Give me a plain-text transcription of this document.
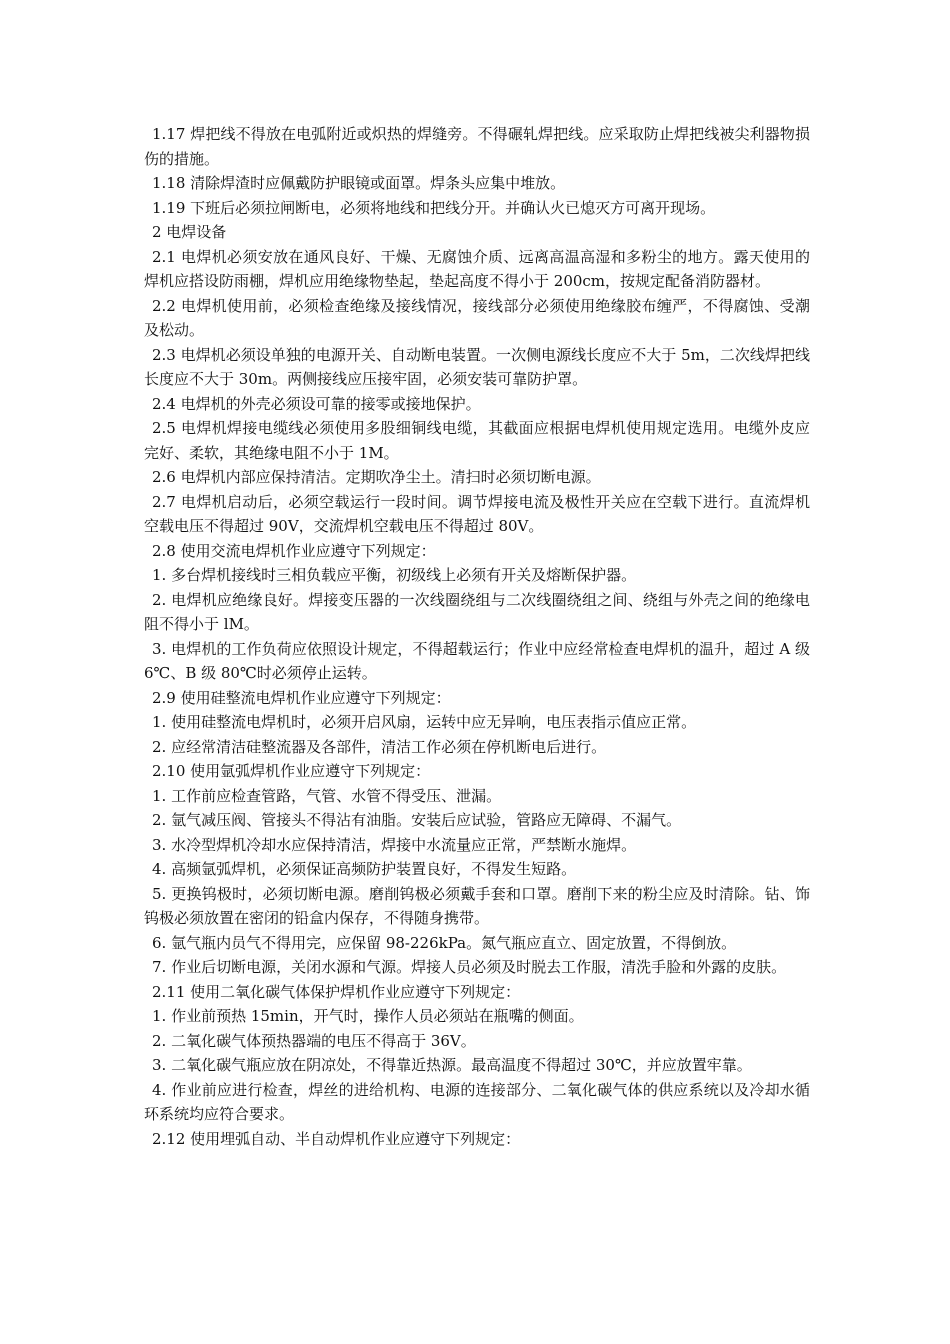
1.17 焊把线不得放在电弧附近或炽热的焊缝旁。不得碾轧焊把线。应采取防止焊把线被尖利器物损伤的措施。

1.18 清除焊渣时应佩戴防护眼镜或面罩。焊条头应集中堆放。

1.19 下班后必须拉闸断电，必须将地线和把线分开。并确认火已熄灭方可离开现场。

2 电焊设备

2.1 电焊机必须安放在通风良好、干燥、无腐蚀介质、远离高温高湿和多粉尘的地方。露天使用的焊机应搭设防雨棚，焊机应用绝缘物垫起，垫起高度不得小于 200cm，按规定配备消防器材。

2.2 电焊机使用前，必须检查绝缘及接线情况，接线部分必须使用绝缘胶布缠严，不得腐蚀、受潮及松动。

2.3 电焊机必须设单独的电源开关、自动断电装置。一次侧电源线长度应不大于 5m，二次线焊把线长度应不大于 30m。两侧接线应压接牢固，必须安装可靠防护罩。

2.4 电焊机的外壳必须设可靠的接零或接地保护。

2.5 电焊机焊接电缆线必须使用多股细铜线电缆，其截面应根据电焊机使用规定选用。电缆外皮应完好、柔软，其绝缘电阻不小于 1M。

2.6 电焊机内部应保持清洁。定期吹净尘土。清扫时必须切断电源。

2.7 电焊机启动后，必须空载运行一段时间。调节焊接电流及极性开关应在空载下进行。直流焊机空载电压不得超过 90V，交流焊机空载电压不得超过 80V。

2.8 使用交流电焊机作业应遵守下列规定：

1. 多台焊机接线时三相负载应平衡，初级线上必须有开关及熔断保护器。

2. 电焊机应绝缘良好。焊接变压器的一次线圈绕组与二次线圈绕组之间、绕组与外壳之间的绝缘电阻不得小于 lM。

3. 电焊机的工作负荷应依照设计规定，不得超载运行；作业中应经常检查电焊机的温升，超过 A 级 6℃、B 级 80℃时必须停止运转。

2.9 使用硅整流电焊机作业应遵守下列规定：

1. 使用硅整流电焊机时，必须开启风扇，运转中应无异响，电压表指示值应正常。

2. 应经常清洁硅整流器及各部件，清洁工作必须在停机断电后进行。

2.10 使用氩弧焊机作业应遵守下列规定：

1. 工作前应检查管路，气管、水管不得受压、泄漏。

2. 氩气减压阀、管接头不得沾有油脂。安装后应试验，管路应无障碍、不漏气。

3. 水冷型焊机冷却水应保持清洁，焊接中水流量应正常，严禁断水施焊。

4. 高频氩弧焊机，必须保证高频防护装置良好，不得发生短路。

5. 更换钨极时，必须切断电源。磨削钨极必须戴手套和口罩。磨削下来的粉尘应及时清除。钻、饰钨极必须放置在密闭的铅盒内保存，不得随身携带。

6. 氩气瓶内员气不得用完，应保留 98-226kPa。氮气瓶应直立、固定放置，不得倒放。

7. 作业后切断电源，关闭水源和气源。焊接人员必须及时脱去工作服，清洗手脸和外露的皮肤。

2.11 使用二氧化碳气体保护焊机作业应遵守下列规定：

1. 作业前预热 15min，开气时，操作人员必须站在瓶嘴的侧面。

2. 二氧化碳气体预热器端的电压不得高于 36V。

3. 二氧化碳气瓶应放在阴凉处，不得靠近热源。最高温度不得超过 30℃，并应放置牢靠。

4. 作业前应进行检查，焊丝的进给机构、电源的连接部分、二氧化碳气体的供应系统以及冷却水循环系统均应符合要求。

2.12 使用埋弧自动、半自动焊机作业应遵守下列规定：
